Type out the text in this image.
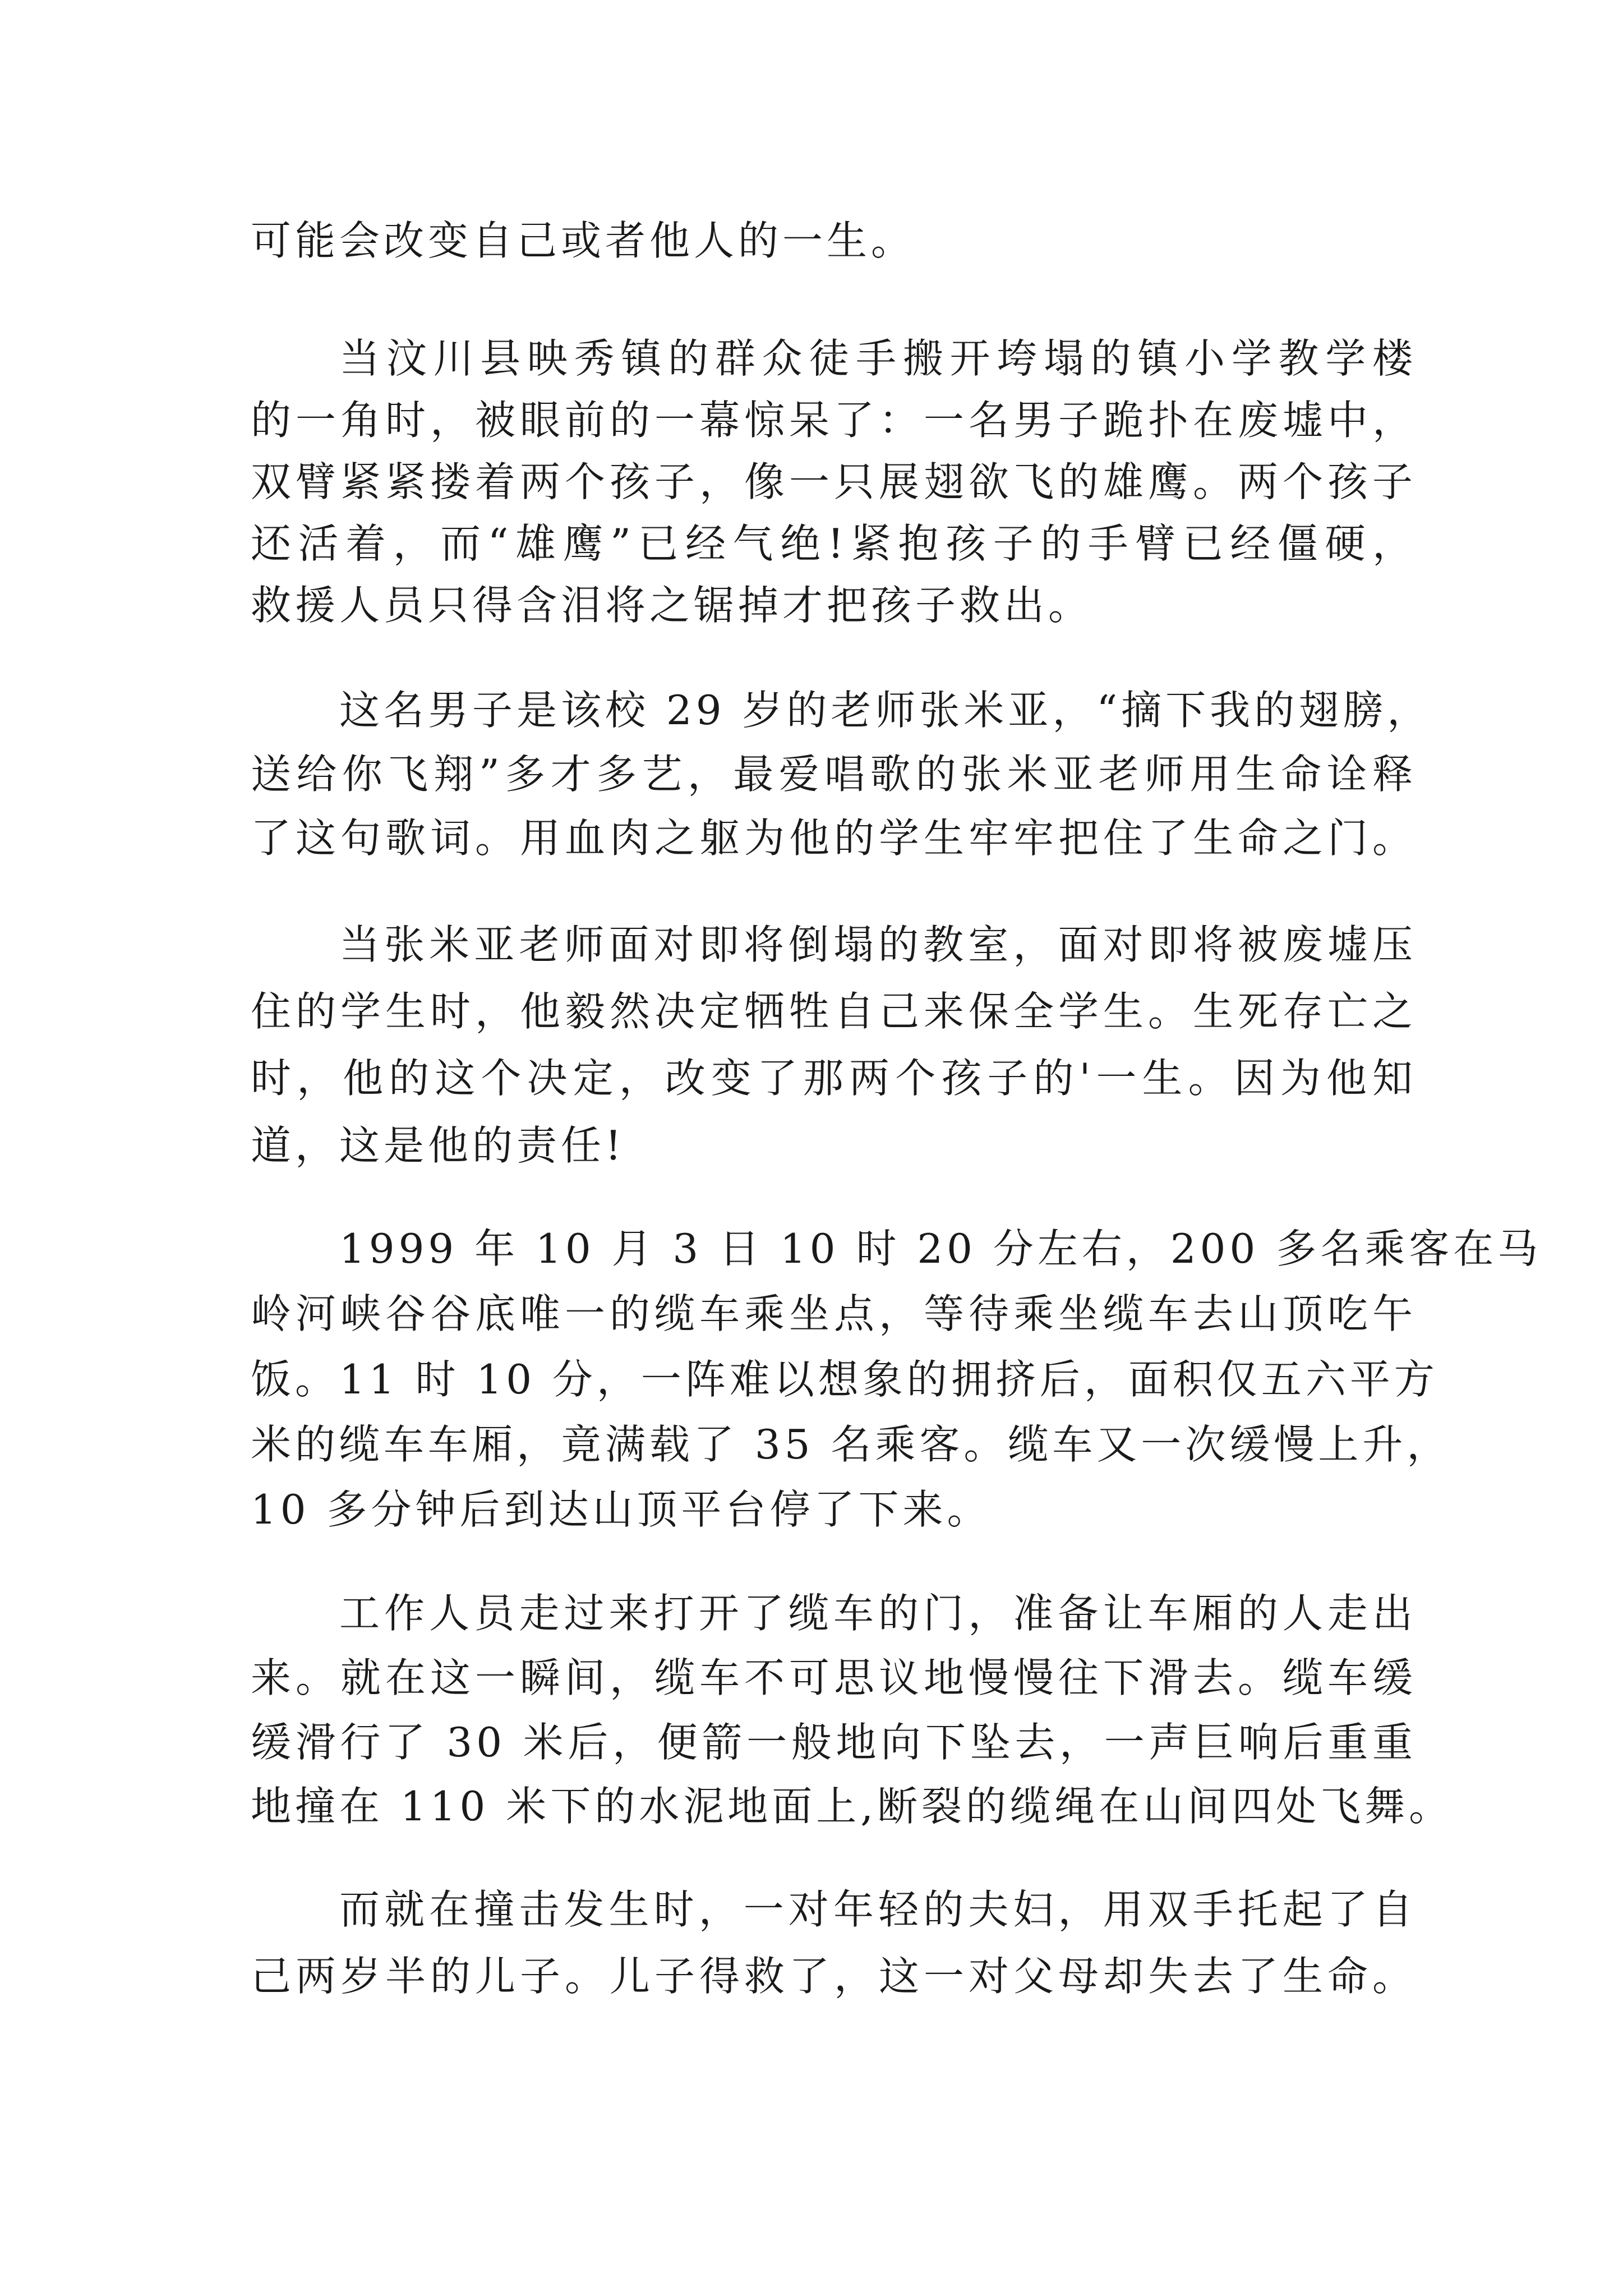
可能会改变自己或者他人的一生。
当汶川县映秀镇的群众徒手搬开垮塌的镇小学教学楼
的一角时，被眼前的一幕惊呆了：一名男子跪扑在废墟中，
双臂紧紧搂着两个孩子，像一只展翅欲飞的雄鹰。两个孩子
还活着，而“雄鹰”已经气绝!紧抱孩子的手臂已经僵硬，
救援人员只得含泪将之锯掉才把孩子救出。
这名男子是该校 29 岁的老师张米亚，“摘下我的翅膀，
送给你飞翔”多才多艺，最爱唱歌的张米亚老师用生命诠释
了这句歌词。用血肉之躯为他的学生牢牢把住了生命之门。
当张米亚老师面对即将倒塌的教室，面对即将被废墟压
住的学生时，他毅然决定牺牲自己来保全学生。生死存亡之
时，他的这个决定，改变了那两个孩子的'一生。因为他知
道，这是他的责任!
1999 年 10 月 3 日 10 时 20 分左右，200 多名乘客在马
岭河峡谷谷底唯一的缆车乘坐点，等待乘坐缆车去山顶吃午
饭。11 时 10 分，一阵难以想象的拥挤后，面积仅五六平方
米的缆车车厢，竟满载了 35 名乘客。缆车又一次缓慢上升，
10 多分钟后到达山顶平台停了下来。
工作人员走过来打开了缆车的门，准备让车厢的人走出
来。就在这一瞬间，缆车不可思议地慢慢往下滑去。缆车缓
缓滑行了 30 米后，便箭一般地向下坠去，一声巨响后重重
地撞在 110 米下的水泥地面上,断裂的缆绳在山间四处飞舞。
而就在撞击发生时，一对年轻的夫妇，用双手托起了自
己两岁半的儿子。儿子得救了，这一对父母却失去了生命。
